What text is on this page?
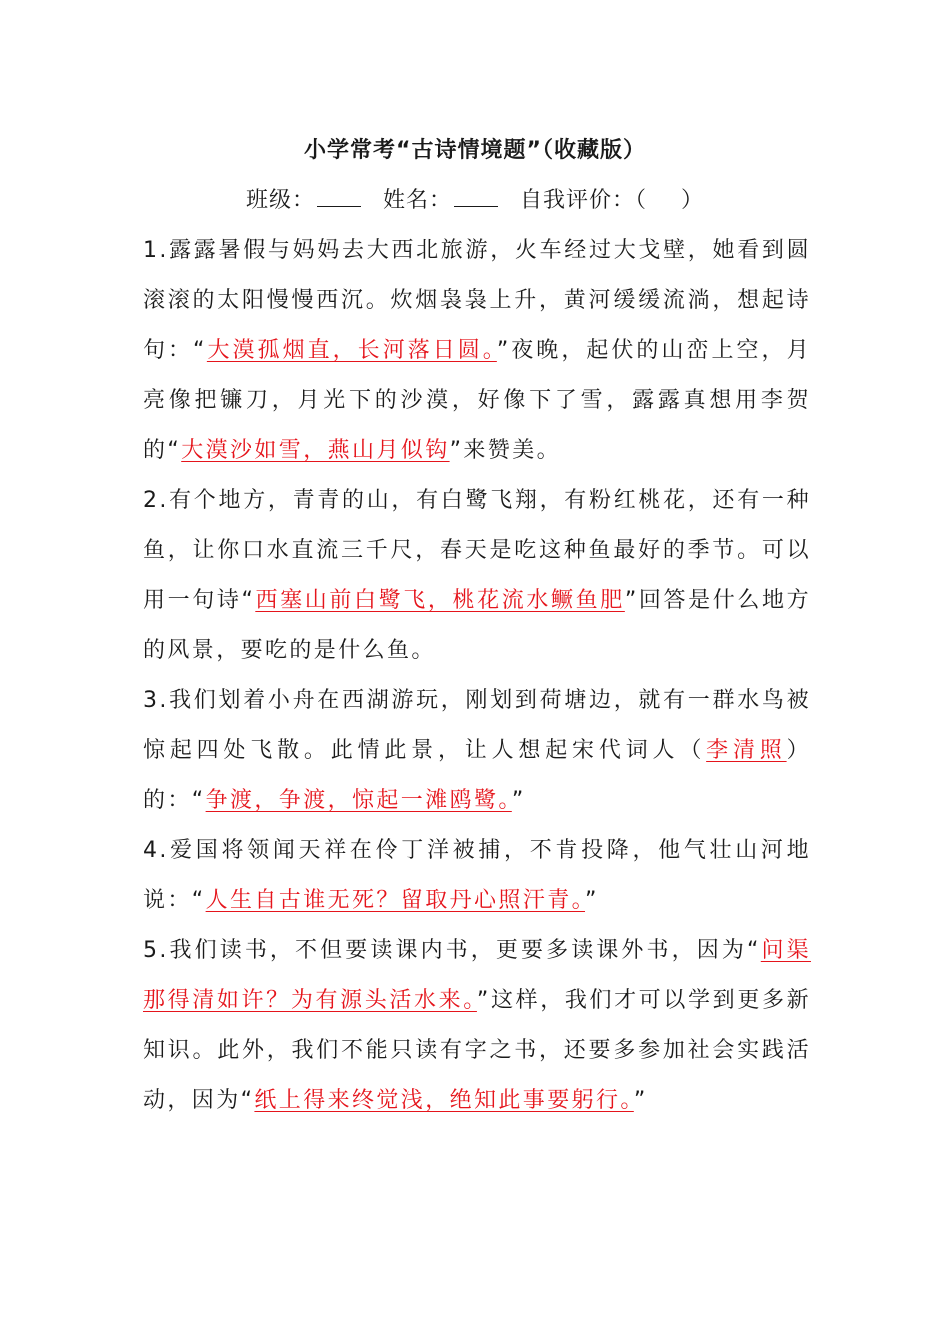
小学常考“古诗情境题”（收藏版）
班级：	姓名：	自我评价：（ ）

1.露露暑假与妈妈去大西北旅游，火车经过大戈壁，她看到圆滚滚的太阳慢慢西沉。炊烟袅袅上升，黄河缓缓流淌，想起诗句：“大漠孤烟直，长河落日圆。”夜晚，起伏的山峦上空，月亮像把镰刀，月光下的沙漠，好像下了雪，露露真想用李贺的“大漠沙如雪，燕山月似钩”来赞美。

2.有个地方，青青的山，有白鹭飞翔，有粉红桃花，还有一种鱼，让你口水直流三千尺，春天是吃这种鱼最好的季节。可以用一句诗“西塞山前白鹭飞，桃花流水鳜鱼肥”回答是什么地方的风景，要吃的是什么鱼。

3.我们划着小舟在西湖游玩，刚划到荷塘边，就有一群水鸟被惊起四处飞散。此情此景，让人想起宋代词人（李清照）的：“争渡，争渡，惊起一滩鸥鹭。”

4.爱国将领闻天祥在伶丁洋被捕，不肯投降，他气壮山河地说：“人生自古谁无死？留取丹心照汗青。”

5.我们读书，不但要读课内书，更要多读课外书，因为“问渠那得清如许？为有源头活水来。”这样，我们才可以学到更多新知识。此外，我们不能只读有字之书，还要多参加社会实践活动，因为“纸上得来终觉浅，绝知此事要躬行。”
